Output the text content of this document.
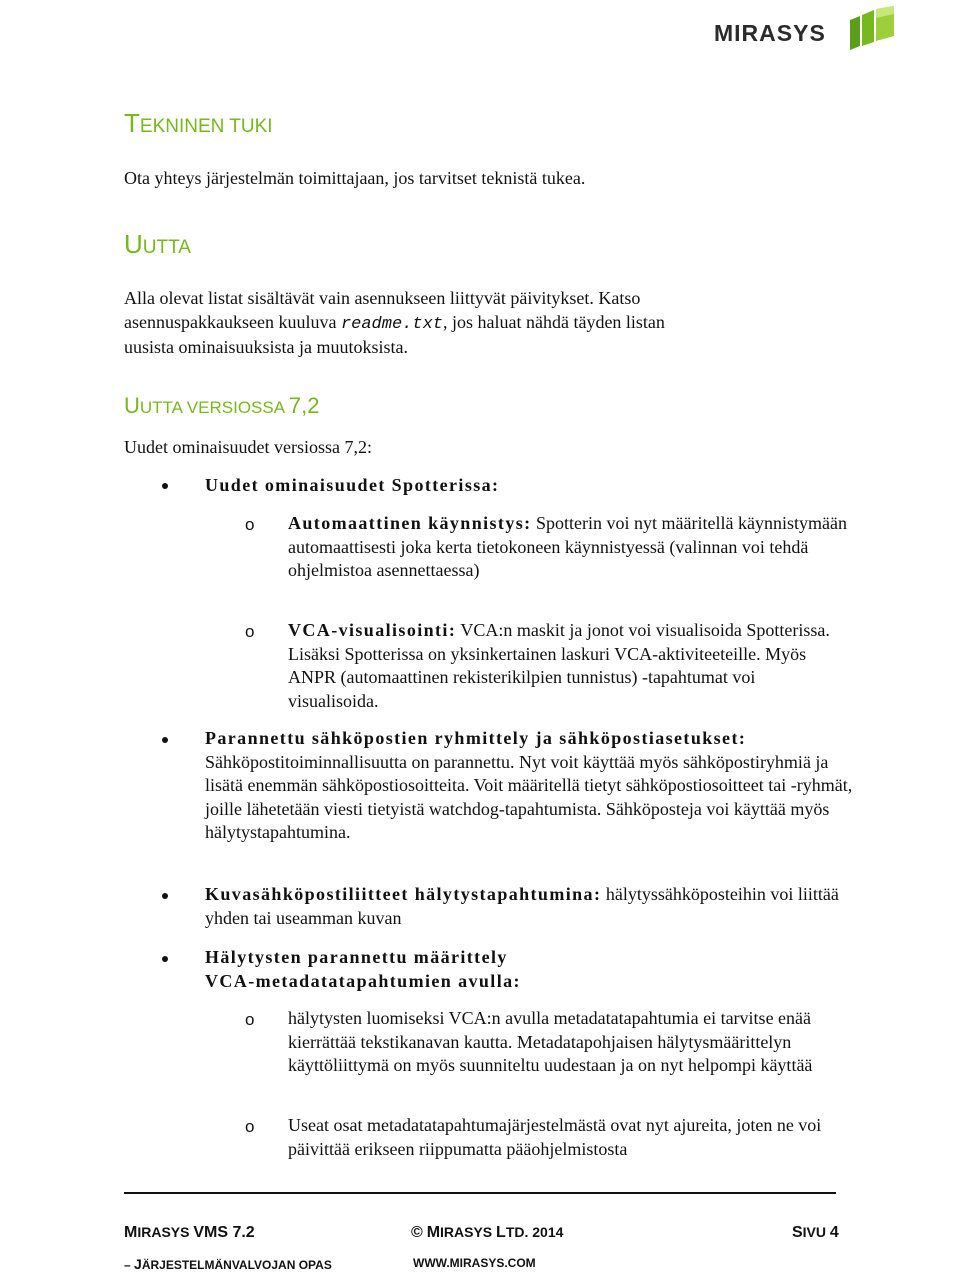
MIRASYS
TEKNINEN TUKI

Ota yhteys järjestelmän toimittajaan, jos tarvitset teknistä tukea.

UUTTA

Alla olevat listat sisältävät vain asennukseen liittyvät päivitykset. Katso
asennuspakkaukseen kuuluva readme.txt, jos haluat nähdä täyden listan
uusista ominaisuuksista ja muutoksista.

UUTTA VERSIOSSA 7,2

Uudet ominaisuudet versiossa 7,2:

Uudet ominaisuudet Spotterissa:

o Automaattinen käynnistys: Spotterin voi nyt määritellä käynnistymään automaattisesti joka kerta tietokoneen käynnistyessä (valinnan voi tehdä ohjelmistoa asennettaessa)

o VCA-visualisointi: VCA:n maskit ja jonot voi visualisoida Spotterissa. Lisäksi Spotterissa on yksinkertainen laskuri VCA-aktiviteeteille. Myös ANPR (automaattinen rekisterikilpien tunnistus) -tapahtumat voi visualisoida.

Parannettu sähköpostien ryhmittely ja sähköpostiasetukset: Sähköpostitoiminnallisuutta on parannettu. Nyt voit käyttää myös sähköpostiryhmiä ja lisätä enemmän sähköpostiosoitteita. Voit määritellä tietyt sähköpostiosoitteet tai -ryhmät, joille lähetetään viesti tietyistä watchdog-tapahtumista. Sähköposteja voi käyttää myös hälytystapahtumina.

Kuvasähköpostiliitteet hälytystapahtumina: hälytyssähköposteihin voi liittää yhden tai useamman kuvan

Hälytysten parannettu määrittely
VCA-metadatatapahtumien avulla:

o hälytysten luomiseksi VCA:n avulla metadatatapahtumia ei tarvitse enää kierrättää tekstikanavan kautta. Metadatapohjaisen hälytysmäärittelyn käyttöliittymä on myös suunniteltu uudestaan ja on nyt helpompi käyttää

o Useat osat metadatatapahtumajärjestelmästä ovat nyt ajureita, joten ne voi päivittää erikseen riippumatta pääohjelmistosta

MIRASYS VMS 7.2	© MIRASYS LTD. 2014	SIVU 4
– JÄRJESTELMÄNVALVOJAN OPAS	WWW.MIRASYS.COM
